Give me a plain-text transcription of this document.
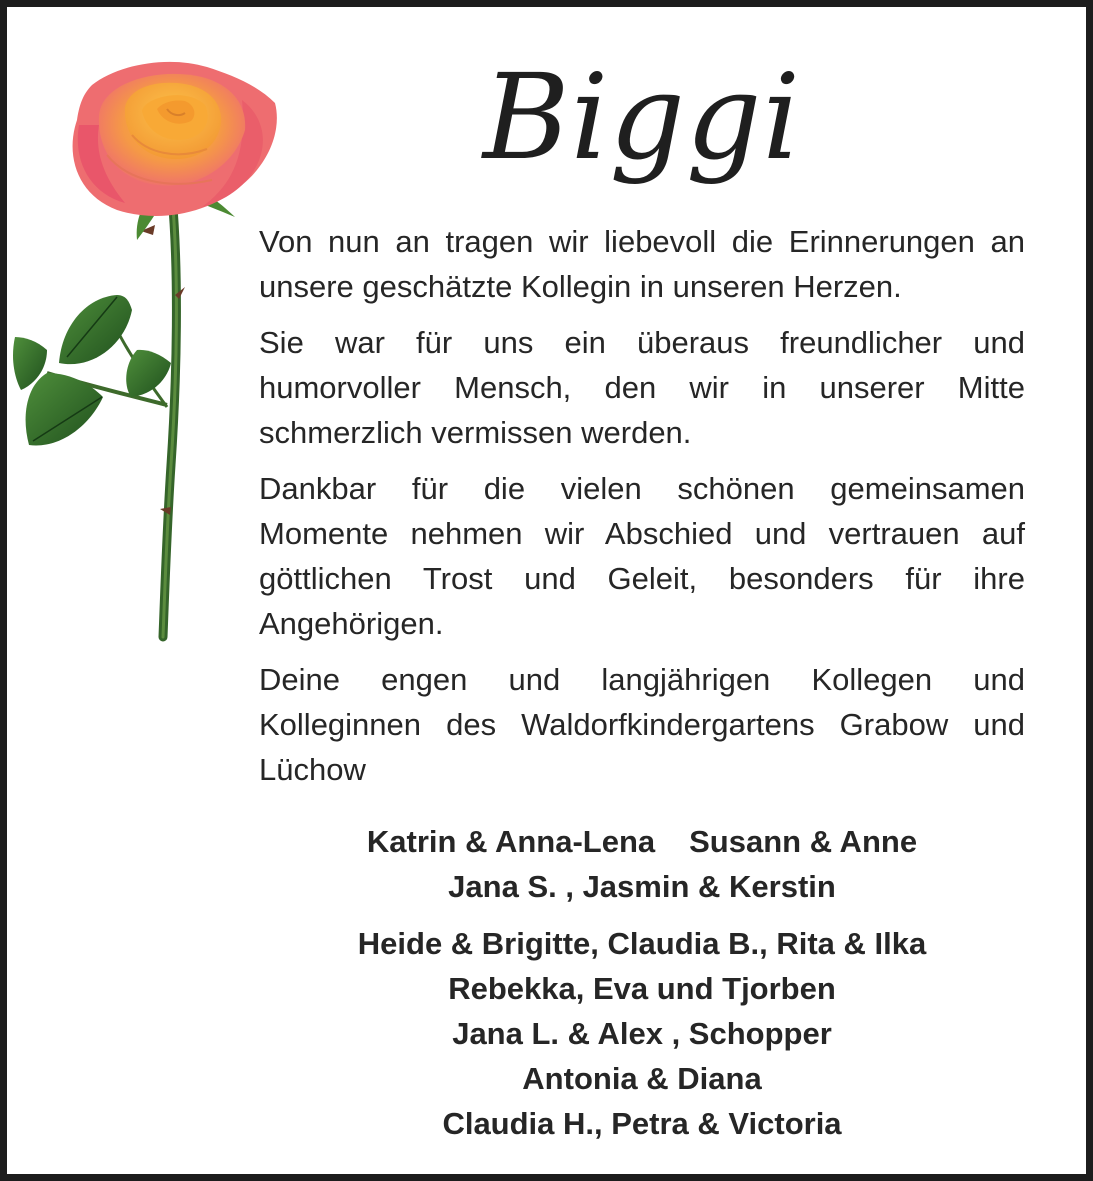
Biggi

Von nun an tragen wir liebevoll die Erinnerungen an unsere geschätzte Kollegin in unseren Herzen.

Sie war für uns ein überaus freundlicher und humorvoller Mensch, den wir in unserer Mitte schmerzlich vermissen werden.

Dankbar für die vielen schönen gemeinsamen Momente nehmen wir Abschied und vertrauen auf göttlichen Trost und Geleit, besonders für ihre Angehörigen.

Deine engen und langjährigen Kollegen und Kolleginnen des Waldorfkindergartens Grabow und Lüchow

Katrin & Anna-Lena Susann & Anne
Jana S. , Jasmin & Kerstin
Heide & Brigitte, Claudia B., Rita & Ilka
Rebekka, Eva und Tjorben
Jana L. & Alex , Schopper
Antonia & Diana
Claudia H., Petra & Victoria
